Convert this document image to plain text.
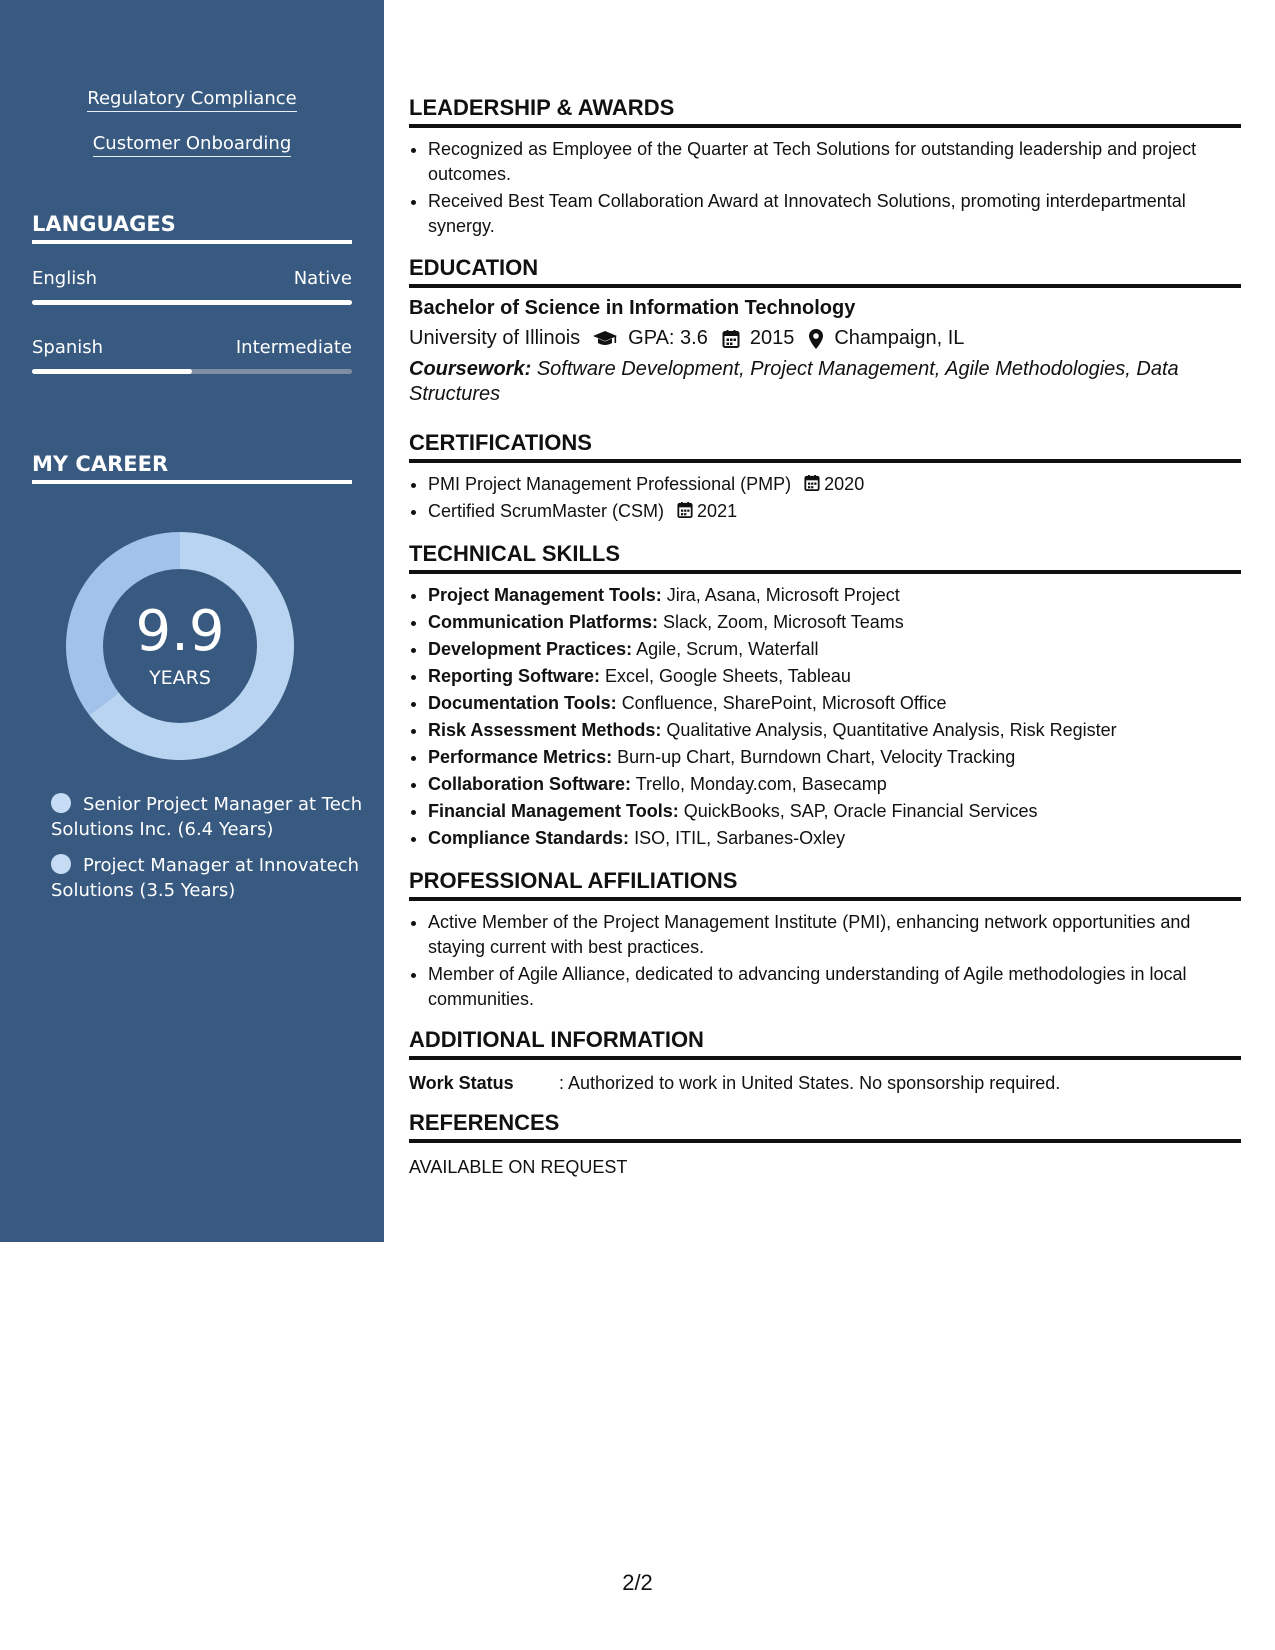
Regulatory Compliance
Customer Onboarding
LANGUAGES
English	Native
Spanish	Intermediate
MY CAREER
9.9
YEARS
Senior Project Manager at Tech Solutions Inc. (6.4 Years)
Project Manager at Innovatech Solutions (3.5 Years)
LEADERSHIP & AWARDS
• Recognized as Employee of the Quarter at Tech Solutions for outstanding leadership and project outcomes.
• Received Best Team Collaboration Award at Innovatech Solutions, promoting interdepartmental synergy.
EDUCATION
Bachelor of Science in Information Technology
University of Illinois GPA: 3.6 2015 Champaign, IL
Coursework: Software Development, Project Management, Agile Methodologies, Data Structures
CERTIFICATIONS
• PMI Project Management Professional (PMP) 2020
• Certified ScrumMaster (CSM) 2021
TECHNICAL SKILLS
• Project Management Tools: Jira, Asana, Microsoft Project
• Communication Platforms: Slack, Zoom, Microsoft Teams
• Development Practices: Agile, Scrum, Waterfall
• Reporting Software: Excel, Google Sheets, Tableau
• Documentation Tools: Confluence, SharePoint, Microsoft Office
• Risk Assessment Methods: Qualitative Analysis, Quantitative Analysis, Risk Register
• Performance Metrics: Burn-up Chart, Burndown Chart, Velocity Tracking
• Collaboration Software: Trello, Monday.com, Basecamp
• Financial Management Tools: QuickBooks, SAP, Oracle Financial Services
• Compliance Standards: ISO, ITIL, Sarbanes-Oxley
PROFESSIONAL AFFILIATIONS
• Active Member of the Project Management Institute (PMI), enhancing network opportunities and staying current with best practices.
• Member of Agile Alliance, dedicated to advancing understanding of Agile methodologies in local communities.
ADDITIONAL INFORMATION
Work Status	: Authorized to work in United States. No sponsorship required.
REFERENCES
AVAILABLE ON REQUEST
2/2
